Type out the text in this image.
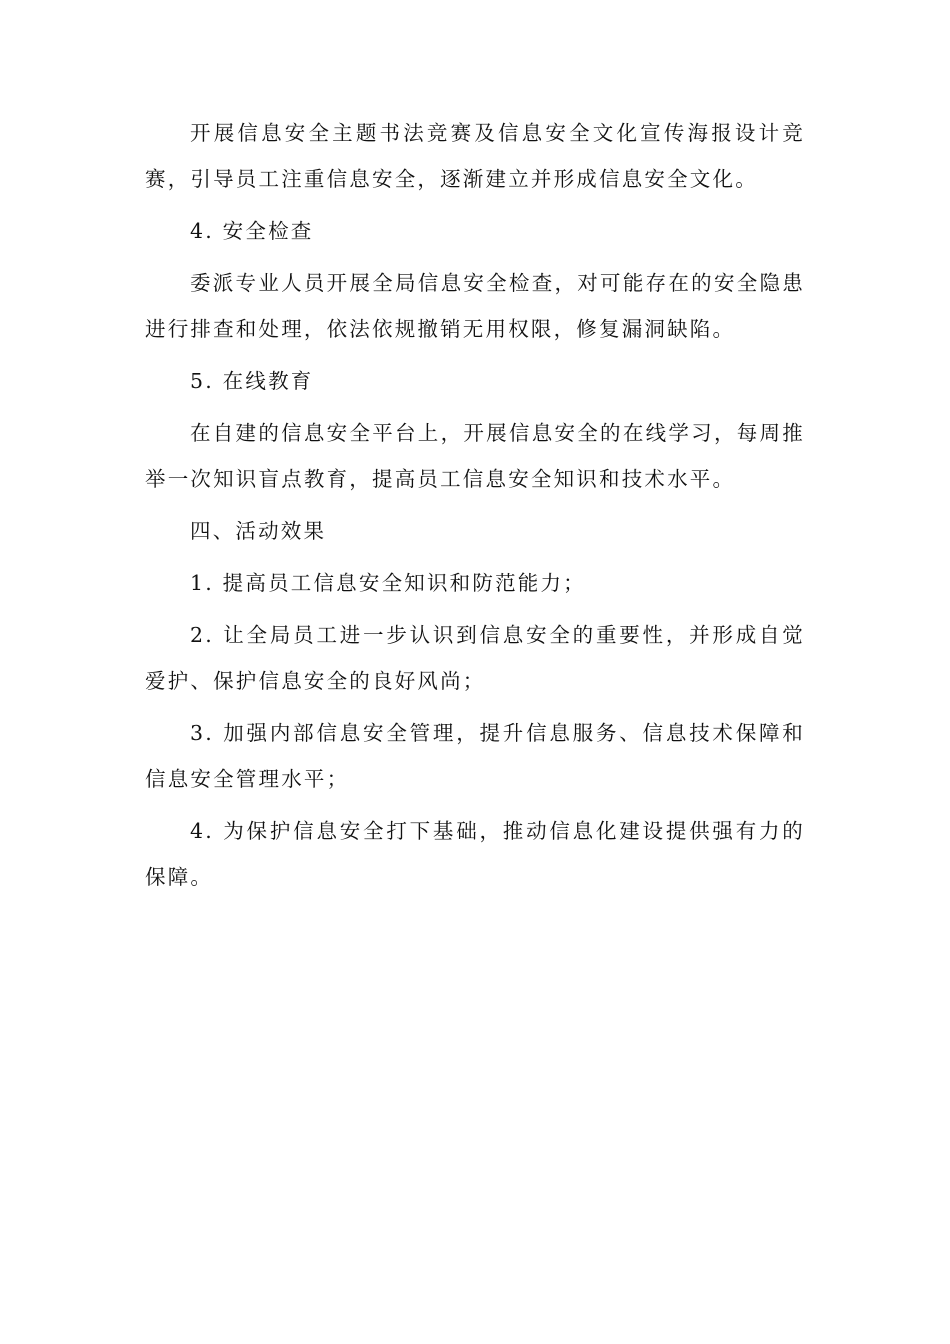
开展信息安全主题书法竞赛及信息安全文化宣传海报设计竞赛，引导员工注重信息安全，逐渐建立并形成信息安全文化。

4. 安全检查

委派专业人员开展全局信息安全检查，对可能存在的安全隐患进行排查和处理，依法依规撤销无用权限，修复漏洞缺陷。

5. 在线教育

在自建的信息安全平台上，开展信息安全的在线学习，每周推举一次知识盲点教育，提高员工信息安全知识和技术水平。

四、活动效果

1. 提高员工信息安全知识和防范能力；

2. 让全局员工进一步认识到信息安全的重要性，并形成自觉爱护、保护信息安全的良好风尚；

3. 加强内部信息安全管理，提升信息服务、信息技术保障和信息安全管理水平；

4. 为保护信息安全打下基础，推动信息化建设提供强有力的保障。
